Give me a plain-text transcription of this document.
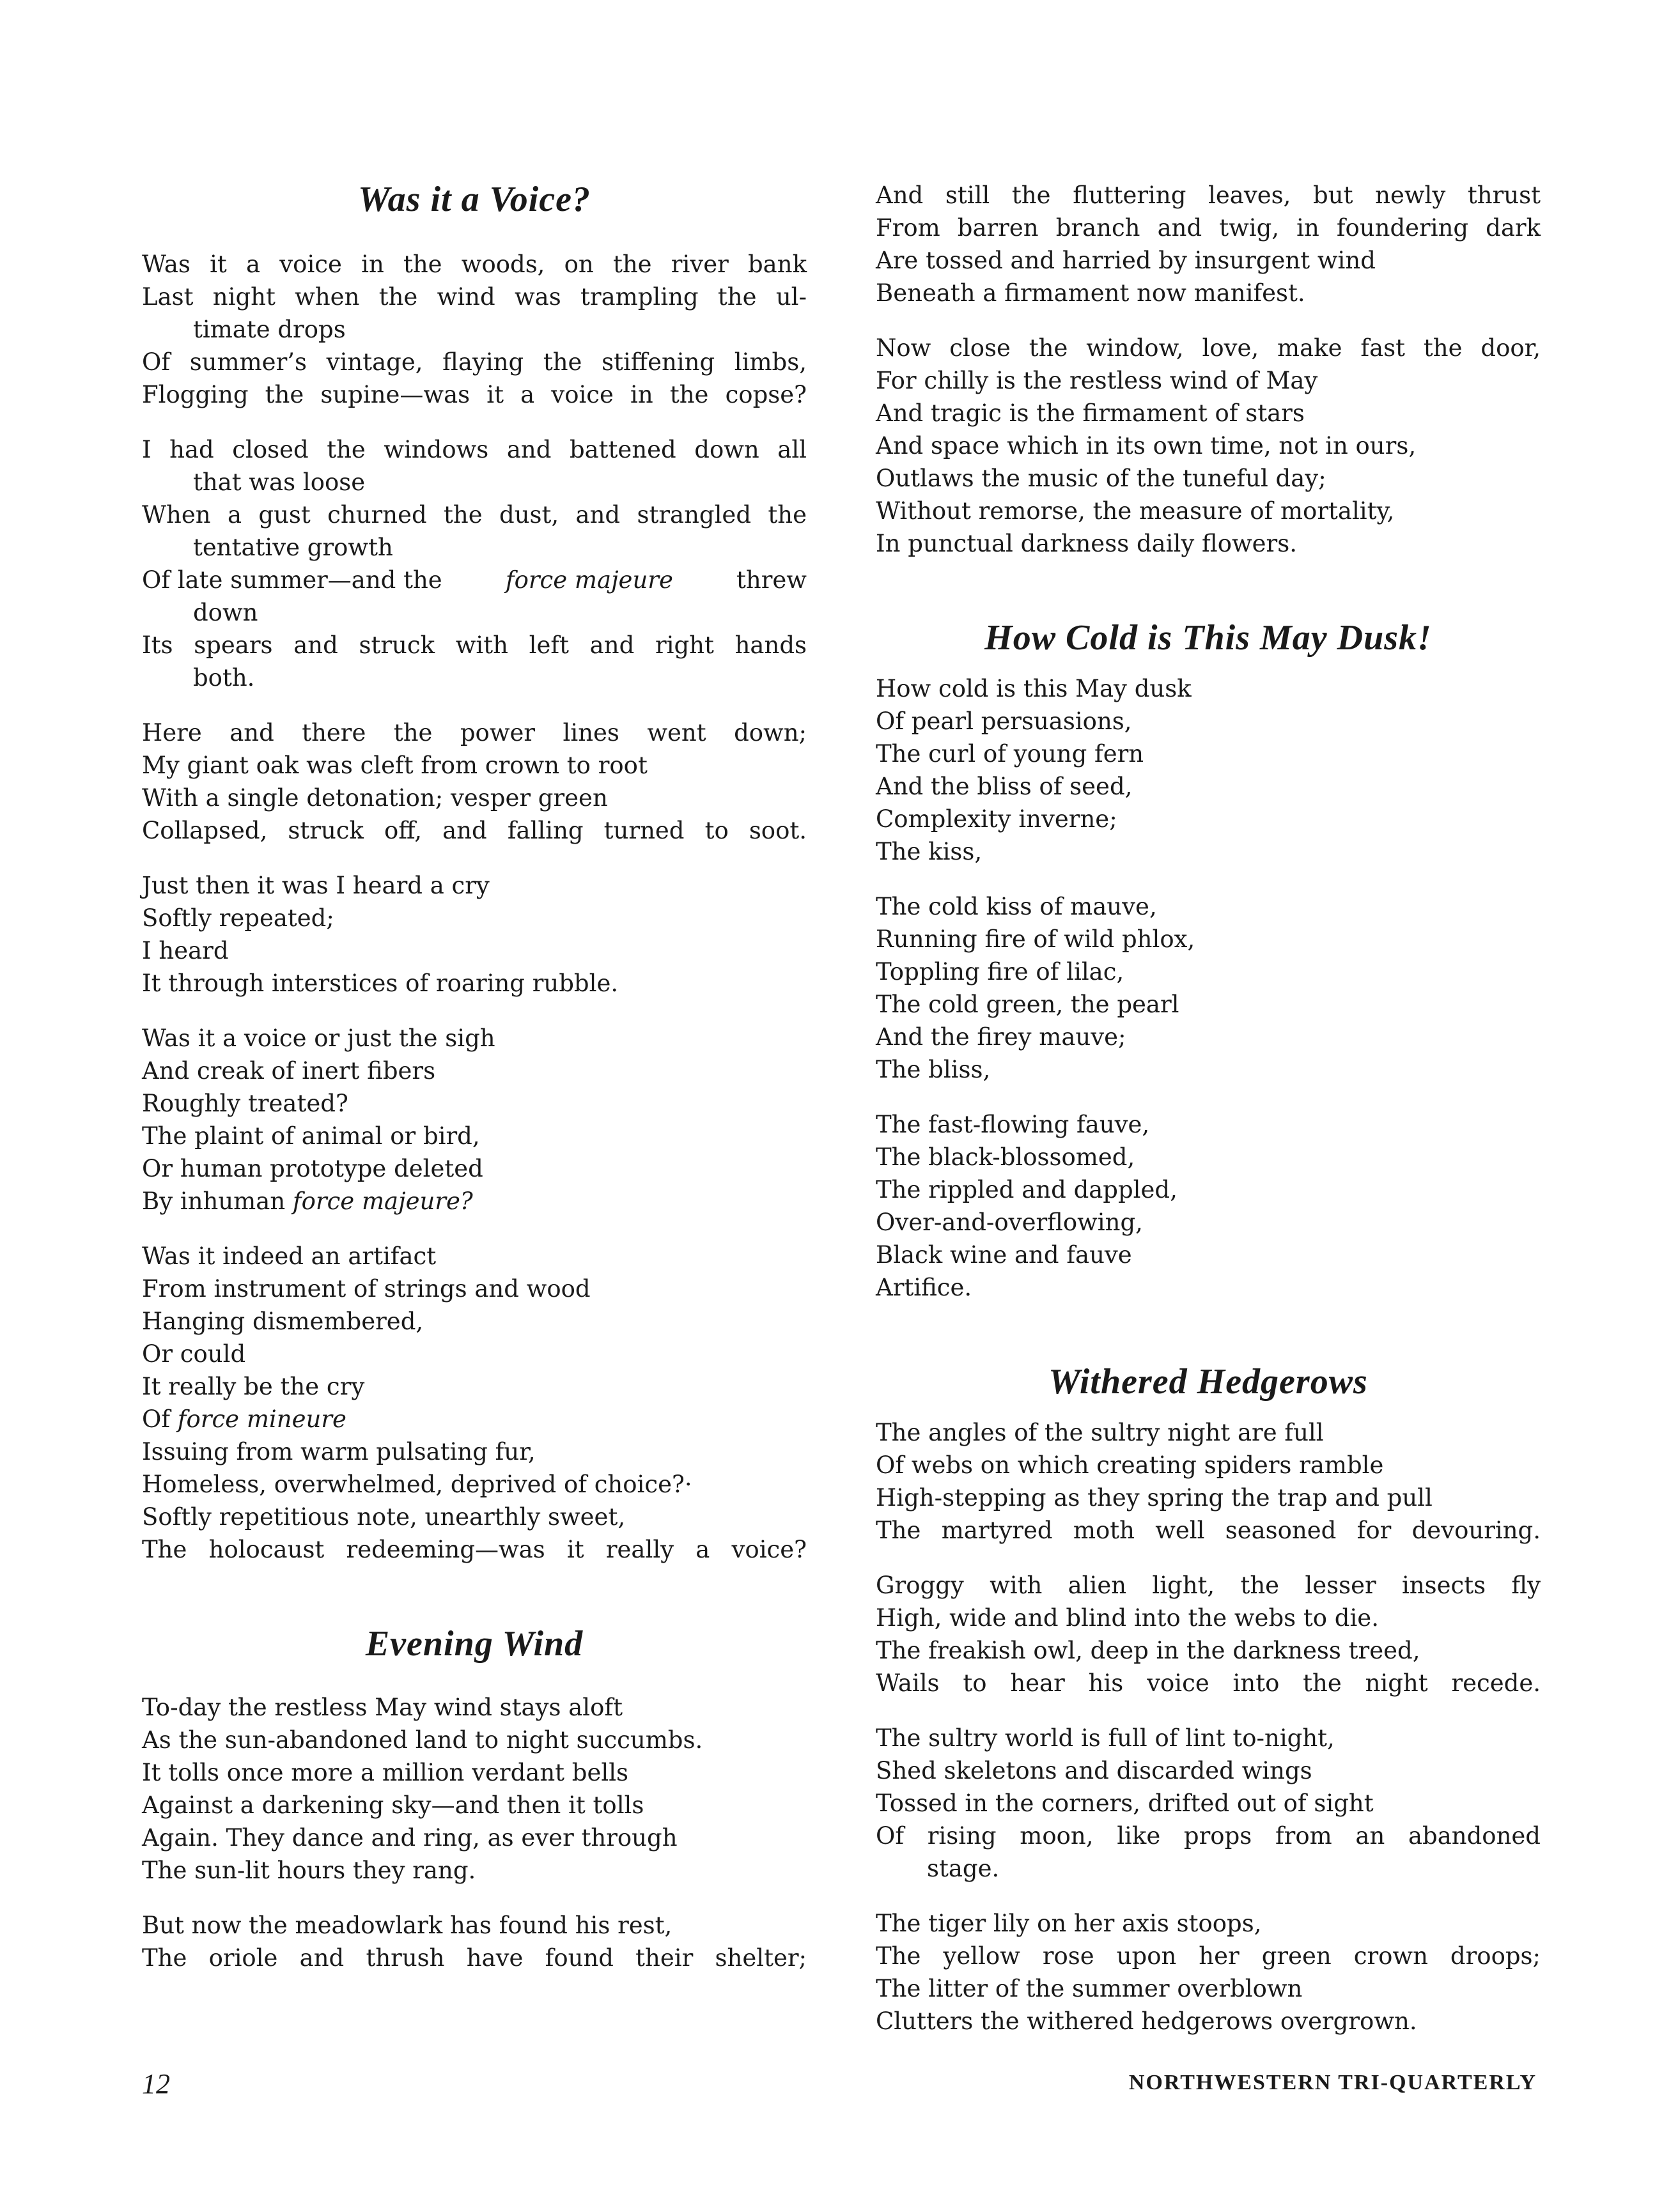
Was it a Voice?
Was it a voice in the woods, on the river bank
Last night when the wind was trampling the ul-
timate drops
Of summer’s vintage, flaying the stiffening limbs,
Flogging the supine—was it a voice in the copse?
I had closed the windows and battened down all
that was loose
When a gust churned the dust, and strangled the
tentative growth
Of late summer—and the force majeure threw
down
Its spears and struck with left and right hands
both.
Here and there the power lines went down;
My giant oak was cleft from crown to root
With a single detonation; vesper green
Collapsed, struck off, and falling turned to soot.
Just then it was I heard a cry
Softly repeated;
I heard
It through interstices of roaring rubble.
Was it a voice or just the sigh
And creak of inert fibers
Roughly treated?
The plaint of animal or bird,
Or human prototype deleted
By inhuman force majeure?
Was it indeed an artifact
From instrument of strings and wood
Hanging dismembered,
Or could
It really be the cry
Of force mineure
Issuing from warm pulsating fur,
Homeless, overwhelmed, deprived of choice?·
Softly repetitious note, unearthly sweet,
The holocaust redeeming—was it really a voice?
Evening Wind
To-day the restless May wind stays aloft
As the sun-abandoned land to night succumbs.
It tolls once more a million verdant bells
Against a darkening sky—and then it tolls
Again. They dance and ring, as ever through
The sun-lit hours they rang.
But now the meadowlark has found his rest,
The oriole and thrush have found their shelter;
And still the fluttering leaves, but newly thrust
From barren branch and twig, in foundering dark
Are tossed and harried by insurgent wind
Beneath a firmament now manifest.
Now close the window, love, make fast the door,
For chilly is the restless wind of May
And tragic is the firmament of stars
And space which in its own time, not in ours,
Outlaws the music of the tuneful day;
Without remorse, the measure of mortality,
In punctual darkness daily flowers.
How Cold is This May Dusk!
How cold is this May dusk
Of pearl persuasions,
The curl of young fern
And the bliss of seed,
Complexity inverne;
The kiss,
The cold kiss of mauve,
Running fire of wild phlox,
Toppling fire of lilac,
The cold green, the pearl
And the firey mauve;
The bliss,
The fast-flowing fauve,
The black-blossomed,
The rippled and dappled,
Over-and-overflowing,
Black wine and fauve
Artifice.
Withered Hedgerows
The angles of the sultry night are full
Of webs on which creating spiders ramble
High-stepping as they spring the trap and pull
The martyred moth well seasoned for devouring.
Groggy with alien light, the lesser insects fly
High, wide and blind into the webs to die.
The freakish owl, deep in the darkness treed,
Wails to hear his voice into the night recede.
The sultry world is full of lint to-night,
Shed skeletons and discarded wings
Tossed in the corners, drifted out of sight
Of rising moon, like props from an abandoned
stage.
The tiger lily on her axis stoops,
The yellow rose upon her green crown droops;
The litter of the summer overblown
Clutters the withered hedgerows overgrown.
12	NORTHWESTERN TRI-QUARTERLY
